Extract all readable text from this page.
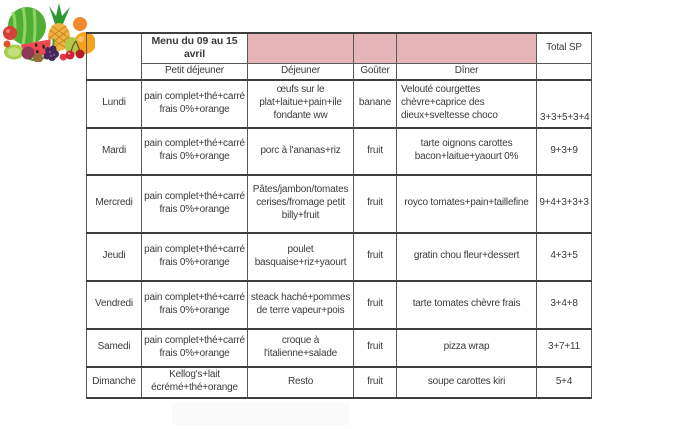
	Menu du 09 au 15 avril				Total SP
	Petit déjeuner	Déjeuner	Goûter	Dîner	
Lundi	pain complet+thé+carré frais 0%+orange	œufs sur le plat+laitue+pain+ile fondante ww	banane	Velouté courgettes chèvre+caprice des dieux+sveltesse choco	3+3+5+3+4
Mardi	pain complet+thé+carré frais 0%+orange	porc à l'ananas+riz	fruit	tarte oignons carottes bacon+laitue+yaourt 0%	9+3+9
Mercredi	pain complet+thé+carré frais 0%+orange	Pâtes/jambon/tomates cerises/fromage petit billy+fruit	fruit	royco tomates+pain+taillefine	9+4+3+3+3
Jeudi	pain complet+thé+carré frais 0%+orange	poulet basquaise+riz+yaourt	fruit	gratin chou fleur+dessert	4+3+5
Vendredi	pain complet+thé+carré frais 0%+orange	steack haché+pommes de terre vapeur+pois	fruit	tarte tomates chèvre frais	3+4+8
Samedi	pain complet+thé+carré frais 0%+orange	croque à l'italienne+salade	fruit	pizza wrap	3+7+11
Dimanche	Kellog's+lait écrémé+thé+orange	Resto	fruit	soupe carottes kiri	5+4
